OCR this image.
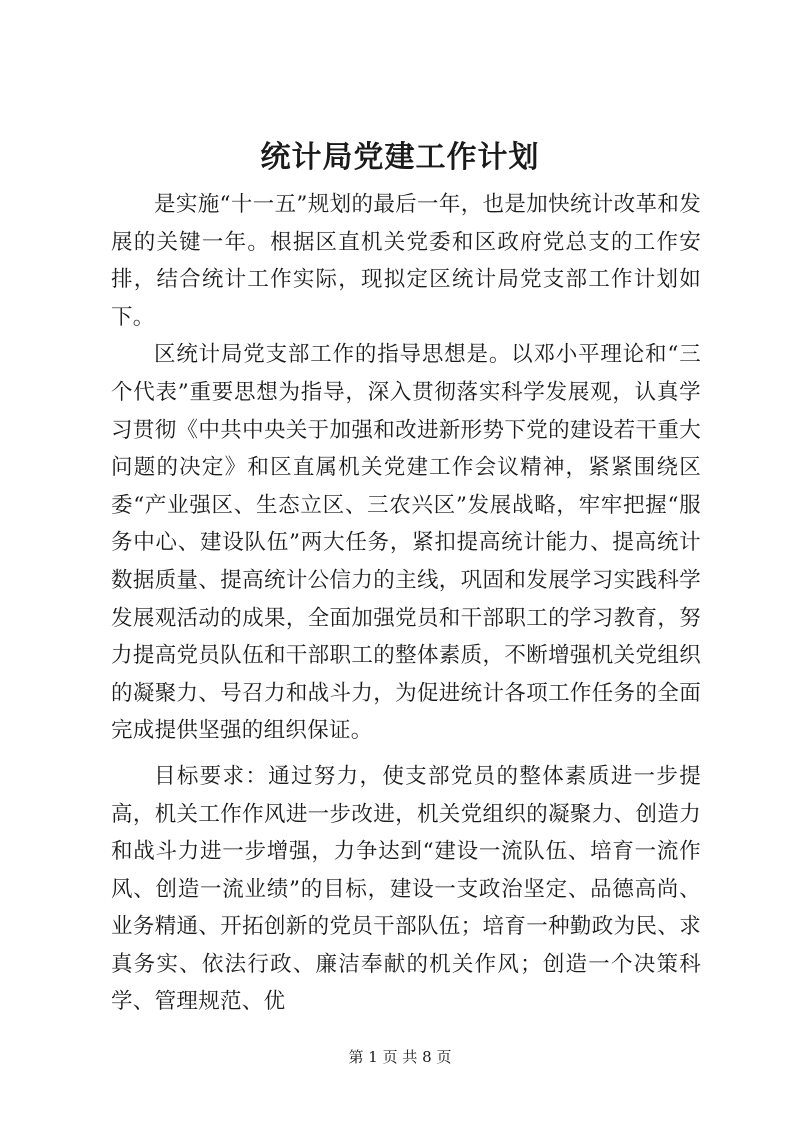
统计局党建工作计划

是实施“十一五”规划的最后一年，也是加快统计改革和发展的关键一年。根据区直机关党委和区政府党总支的工作安排，结合统计工作实际，现拟定区统计局党支部工作计划如下。

区统计局党支部工作的指导思想是。以邓小平理论和“三个代表”重要思想为指导，深入贯彻落实科学发展观，认真学习贯彻《中共中央关于加强和改进新形势下党的建设若干重大问题的决定》和区直属机关党建工作会议精神，紧紧围绕区委“产业强区、生态立区、三农兴区”发展战略，牢牢把握“服务中心、建设队伍”两大任务，紧扣提高统计能力、提高统计数据质量、提高统计公信力的主线，巩固和发展学习实践科学发展观活动的成果，全面加强党员和干部职工的学习教育，努力提高党员队伍和干部职工的整体素质，不断增强机关党组织的凝聚力、号召力和战斗力，为促进统计各项工作任务的全面完成提供坚强的组织保证。

目标要求：通过努力，使支部党员的整体素质进一步提高，机关工作作风进一步改进，机关党组织的凝聚力、创造力和战斗力进一步增强，力争达到“建设一流队伍、培育一流作风、创造一流业绩”的目标，建设一支政治坚定、品德高尚、业务精通、开拓创新的党员干部队伍；培育一种勤政为民、求真务实、依法行政、廉洁奉献的机关作风；创造一个决策科学、管理规范、优

第 1 页 共 8 页
